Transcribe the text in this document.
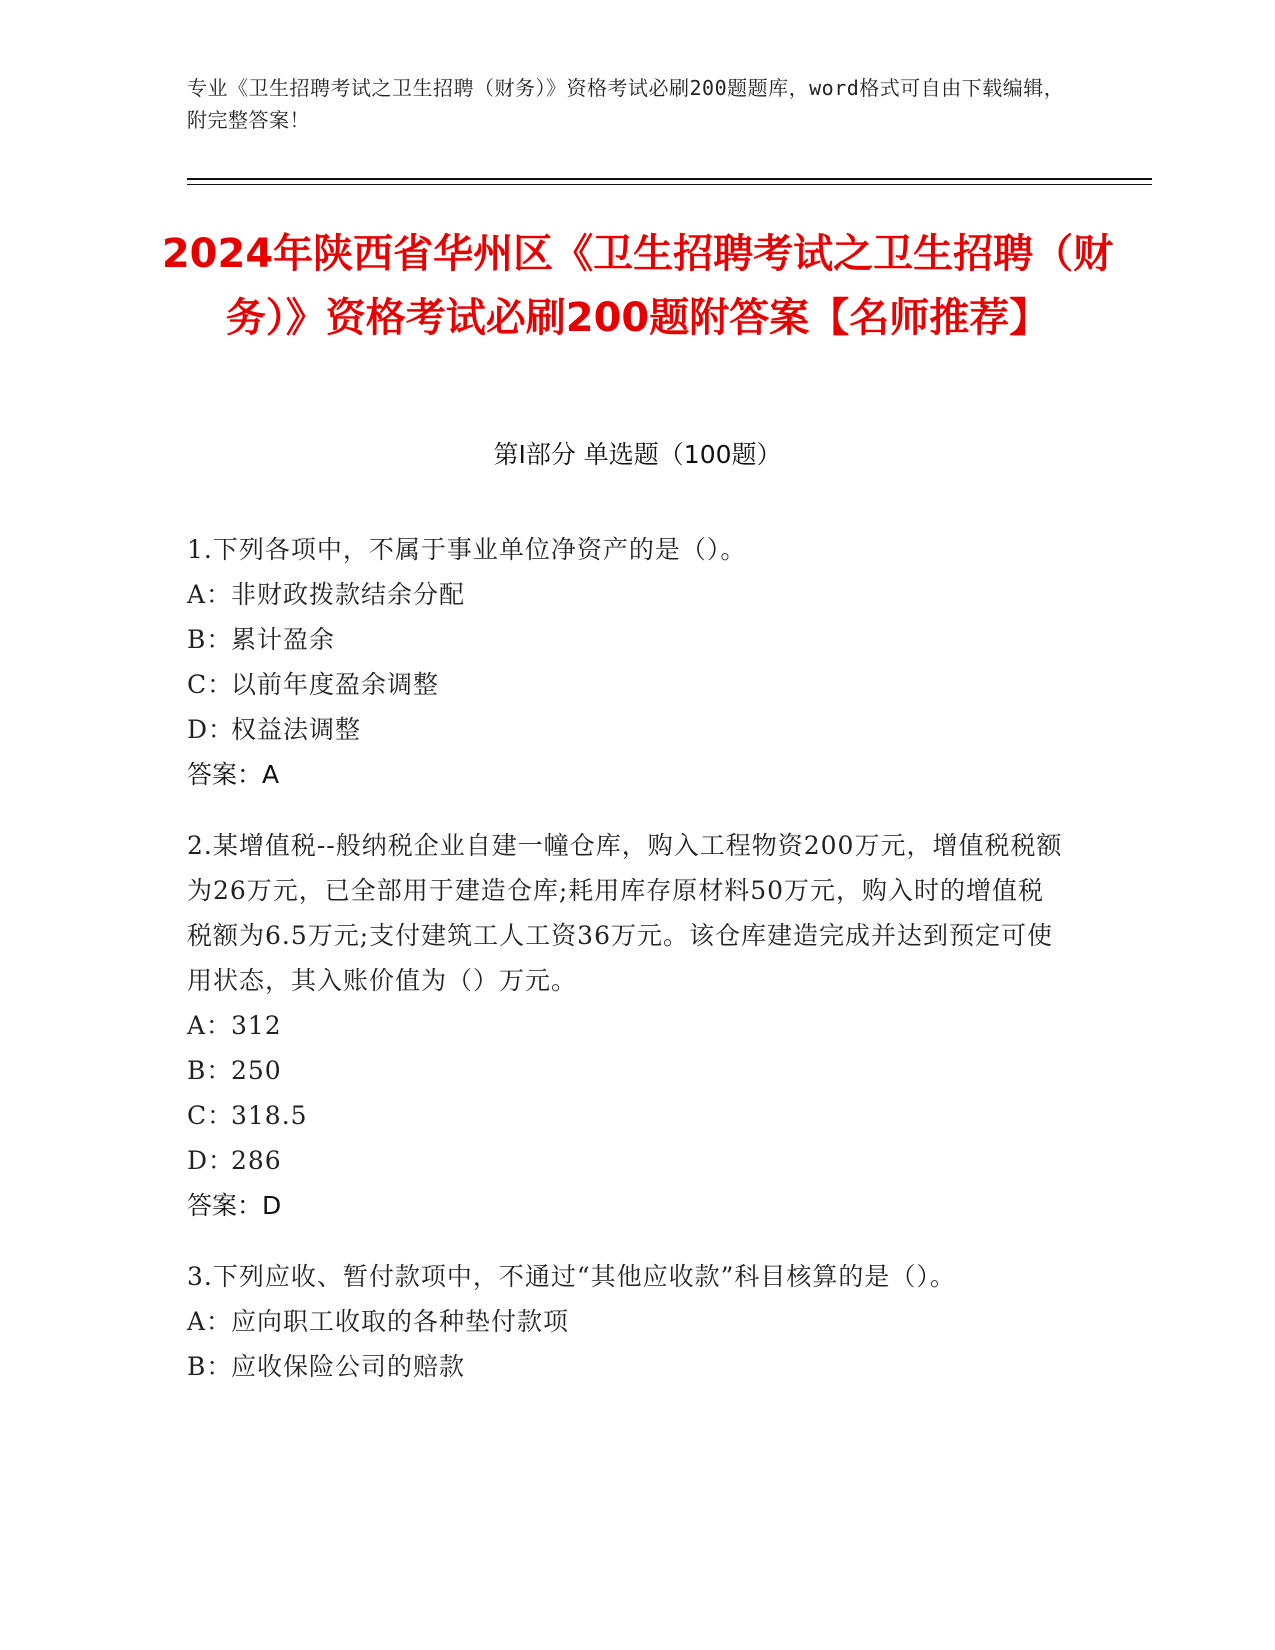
专业《卫生招聘考试之卫生招聘（财务）》资格考试必刷200题题库，word格式可自由下载编辑，附完整答案！
2024年陕西省华州区《卫生招聘考试之卫生招聘（财务）》资格考试必刷200题附答案【名师推荐】
第I部分 单选题（100题）
1.下列各项中，不属于事业单位净资产的是（）。
A：
非财政拨款结余分配
B：
累计盈余
C：
以前年度盈余调整
D：
权益法调整
答案：A
2.某增值税--般纳税企业自建一幢仓库，购入工程物资200万元，增值税税额为26万元，已全部用于建造仓库;耗用库存原材料50万元，购入时的增值税税额为6.5万元;支付建筑工人工资36万元。该仓库建造完成并达到预定可使用状态，其入账价值为（）万元。
A：
312
B：
250
C：
318.5
D：
286
答案：D
3.下列应收、暂付款项中，不通过“其他应收款”科目核算的是（）。
A：
应向职工收取的各种垫付款项
B：
应收保险公司的赔款
